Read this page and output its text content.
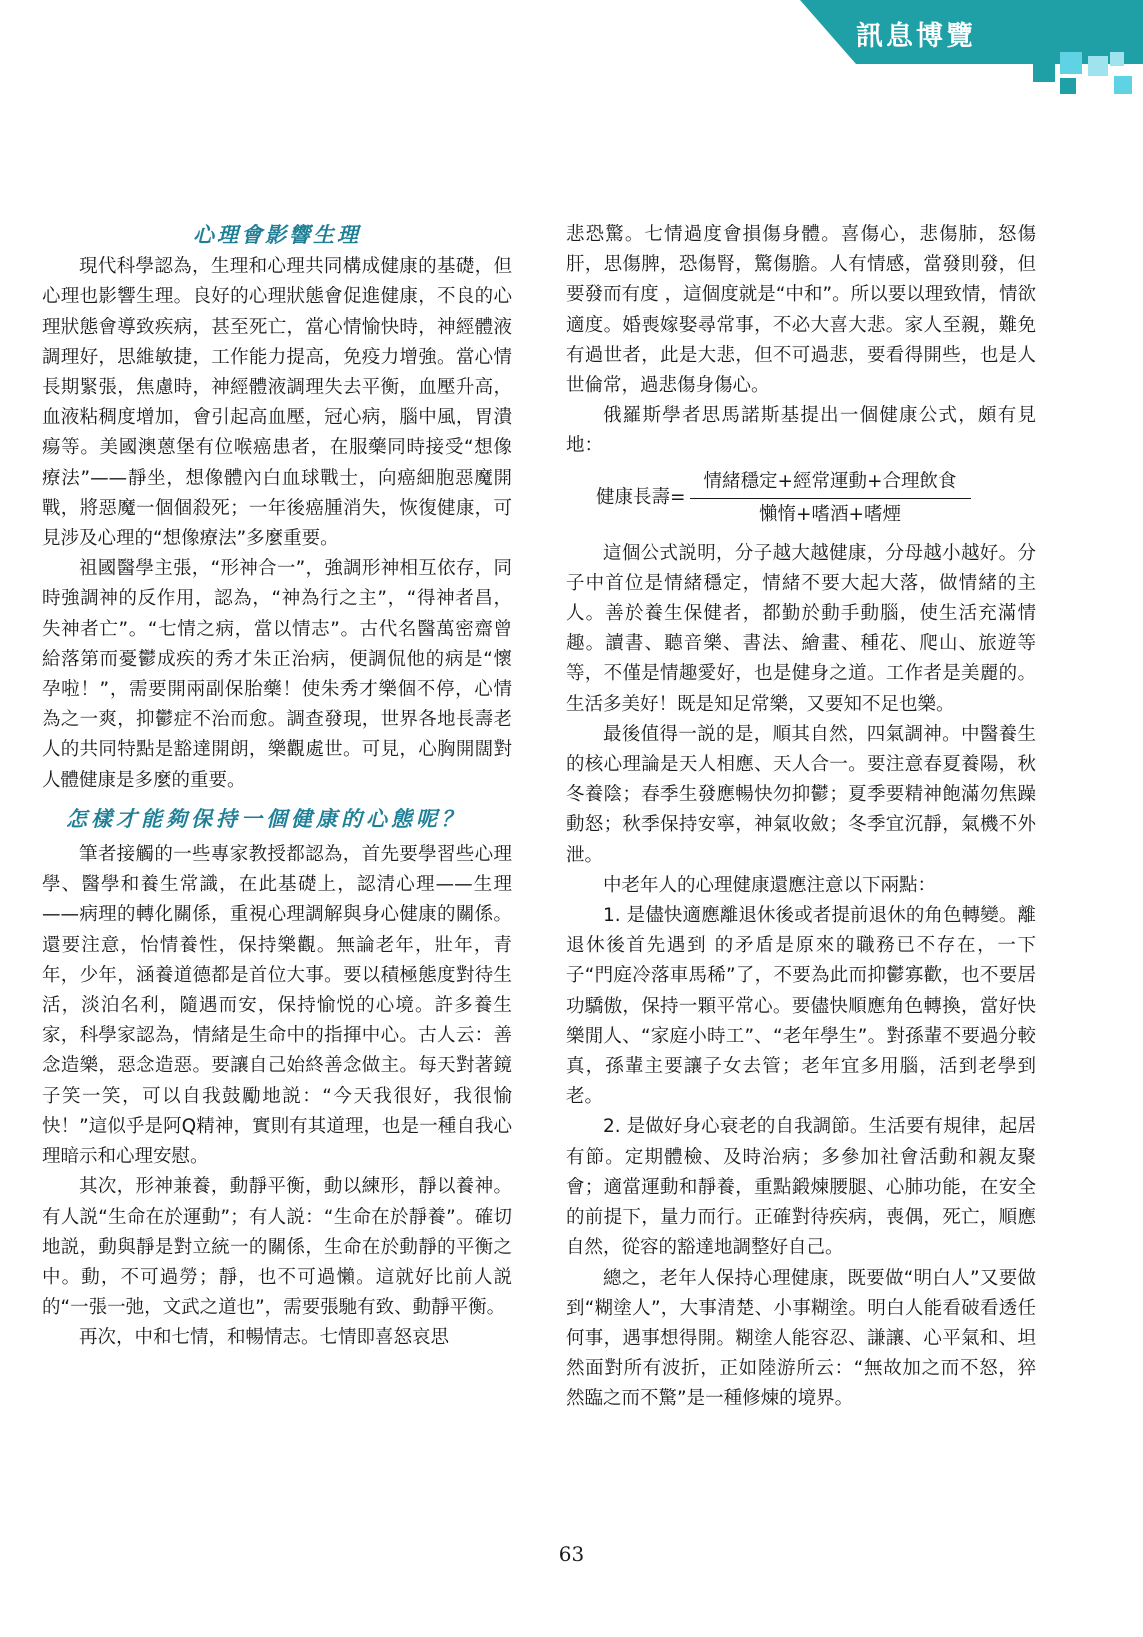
訊息博覽
心理會影響生理

現代科學認為，生理和心理共同構成健康的基礎，但心理也影響生理。良好的心理狀態會促進健康，不良的心理狀態會導致疾病，甚至死亡，當心情愉快時，神經體液調理好，思維敏捷，工作能力提高，免疫力增強。當心情長期緊張，焦慮時，神經體液調理失去平衡，血壓升高，血液粘稠度增加，會引起高血壓，冠心病，腦中風，胃潰瘍等。美國澳蒽堡有位喉癌患者，在服藥同時接受“想像療法”——靜坐，想像體內白血球戰士，向癌細胞惡魔開戰，將惡魔一個個殺死；一年後癌腫消失，恢復健康，可見涉及心理的“想像療法”多麼重要。

祖國醫學主張，“形神合一”，強調形神相互依存，同時強調神的反作用，認為，“神為行之主”，“得神者昌，失神者亡”。“七情之病，當以情志”。古代名醫萬密齋曾給落第而憂鬱成疾的秀才朱正治病，便調侃他的病是“懷孕啦！”，需要開兩副保胎藥！使朱秀才樂個不停，心情為之一爽，抑鬱症不治而愈。調查發現，世界各地長壽老人的共同特點是豁達開朗，樂觀處世。可見，心胸開闊對人體健康是多麼的重要。

怎樣才能夠保持一個健康的心態呢？

筆者接觸的一些專家教授都認為，首先要學習些心理學、醫學和養生常識，在此基礎上，認清心理——生理——病理的轉化關係，重視心理調解與身心健康的關係。還要注意，怡情養性，保持樂觀。無論老年，壯年，青年，少年，涵養道德都是首位大事。要以積極態度對待生活，淡泊名利，隨遇而安，保持愉悦的心境。許多養生家，科學家認為，情緒是生命中的指揮中心。古人云：善念造樂，惡念造惡。要讓自己始終善念做主。每天對著鏡子笑一笑，可以自我鼓勵地説：“今天我很好，我很愉快！”這似乎是阿Q精神，實則有其道理，也是一種自我心理暗示和心理安慰。

其次，形神兼養，動靜平衡，動以練形，靜以養神。有人説“生命在於運動”；有人説：“生命在於靜養”。確切地説，動與靜是對立統一的關係，生命在於動靜的平衡之中。動，不可過勞；靜，也不可過懶。這就好比前人説的“一張一弛，文武之道也”，需要張馳有致、動靜平衡。

再次，中和七情，和暢情志。七情即喜怒哀思

悲恐驚。七情過度會損傷身體。喜傷心，悲傷肺，怒傷肝，思傷脾，恐傷腎，驚傷膽。人有情感，當發則發，但要發而有度 ，這個度就是“中和”。所以要以理致情，情欲適度。婚喪嫁娶尋常事，不必大喜大悲。家人至親，難免有過世者，此是大悲，但不可過悲，要看得開些，也是人世倫常，過悲傷身傷心。

俄羅斯學者思馬諾斯基提出一個健康公式，頗有見地：

健康長壽= $\frac{\text{情緒穩定+經常運動+合理飲食}}{\text{懶惰+嗜酒+嗜煙}}$

這個公式説明，分子越大越健康，分母越小越好。分子中首位是情緒穩定，情緒不要大起大落，做情緒的主人。善於養生保健者，都勤於動手動腦，使生活充滿情趣。讀書、聽音樂、書法、繪畫、種花、爬山、旅遊等等，不僅是情趣愛好，也是健身之道。工作者是美麗的。生活多美好！既是知足常樂，又要知不足也樂。

最後值得一説的是，順其自然，四氣調神。中醫養生的核心理論是天人相應、天人合一。要注意春夏養陽，秋冬養陰；春季生發應暢快勿抑鬱；夏季要精神飽滿勿焦躁動怒；秋季保持安寧，神氣收斂；冬季宜沉靜，氣機不外泄。

中老年人的心理健康還應注意以下兩點：

1. 是儘快適應離退休後或者提前退休的角色轉變。離退休後首先遇到 的矛盾是原來的職務已不存在，一下子“門庭冷落車馬稀”了，不要為此而抑鬱寡歡，也不要居功驕傲，保持一顆平常心。要儘快順應角色轉換，當好快樂閒人、“家庭小時工”、“老年學生”。對孫輩不要過分較真，孫輩主要讓子女去管；老年宜多用腦，活到老學到老。

2. 是做好身心衰老的自我調節。生活要有規律，起居有節。定期體檢、及時治病；多參加社會活動和親友聚會；適當運動和靜養，重點鍛煉腰腿、心肺功能，在安全的前提下，量力而行。正確對待疾病，喪偶，死亡，順應自然，從容的豁達地調整好自己。

總之，老年人保持心理健康，既要做“明白人”又要做到“糊塗人”，大事清楚、小事糊塗。明白人能看破看透任何事，遇事想得開。糊塗人能容忍、謙讓、心平氣和、坦然面對所有波折，正如陸游所云：“無故加之而不怒，猝然臨之而不驚”是一種修煉的境界。

63
